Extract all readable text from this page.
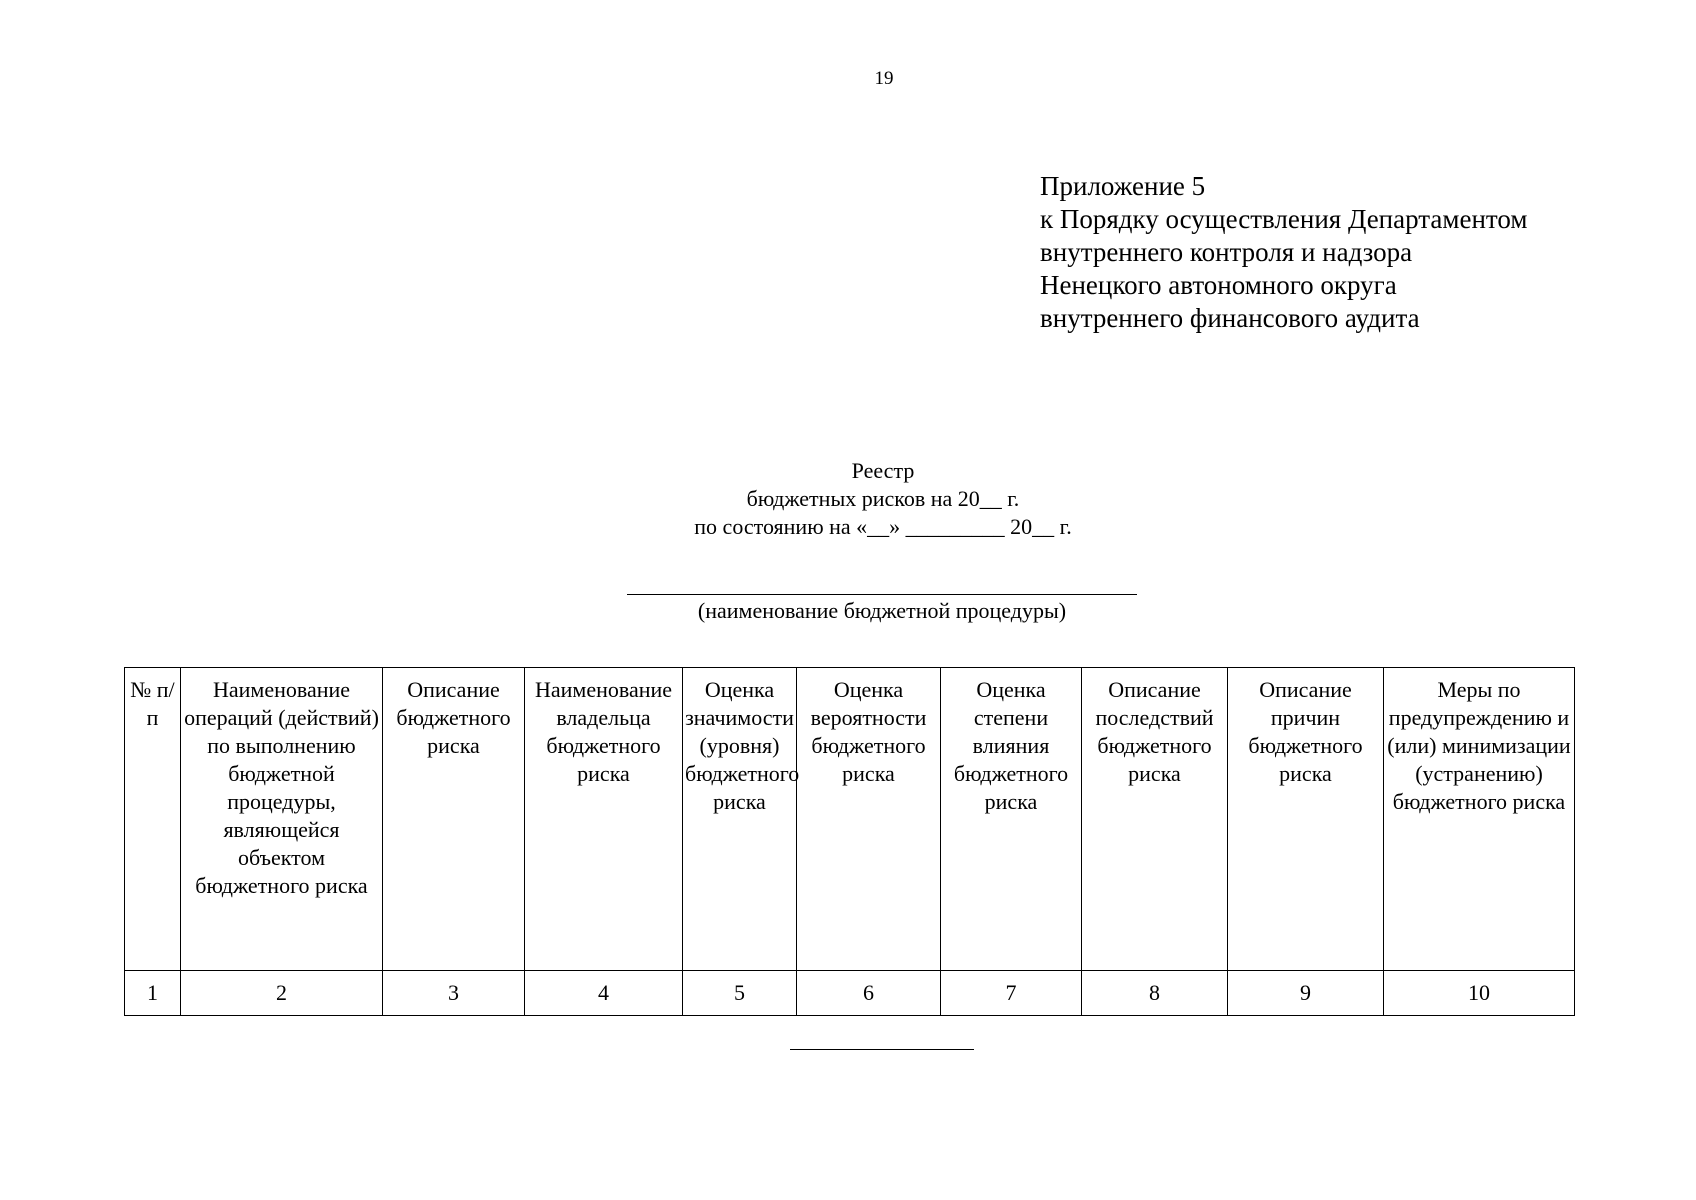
19
Приложение 5
к Порядку осуществления Департаментом
внутреннего контроля и надзора
Ненецкого автономного округа
внутреннего финансового аудита
Реестр
бюджетных рисков на 20__ г.
по состоянию на «__» _________ 20__ г.
(наименование бюджетной процедуры)
№ п/п	Наименование операций (действий) по выполнению бюджетной процедуры, являющейся объектом бюджетного риска	Описание бюджетного риска	Наименование владельца бюджетного риска	Оценка значимости (уровня) бюджетного риска	Оценка вероятности бюджетного риска	Оценка степени влияния бюджетного риска	Описание последствий бюджетного риска	Описание причин бюджетного риска	Меры по предупреждению и (или) минимизации (устранению) бюджетного риска
1	2	3	4	5	6	7	8	9	10
